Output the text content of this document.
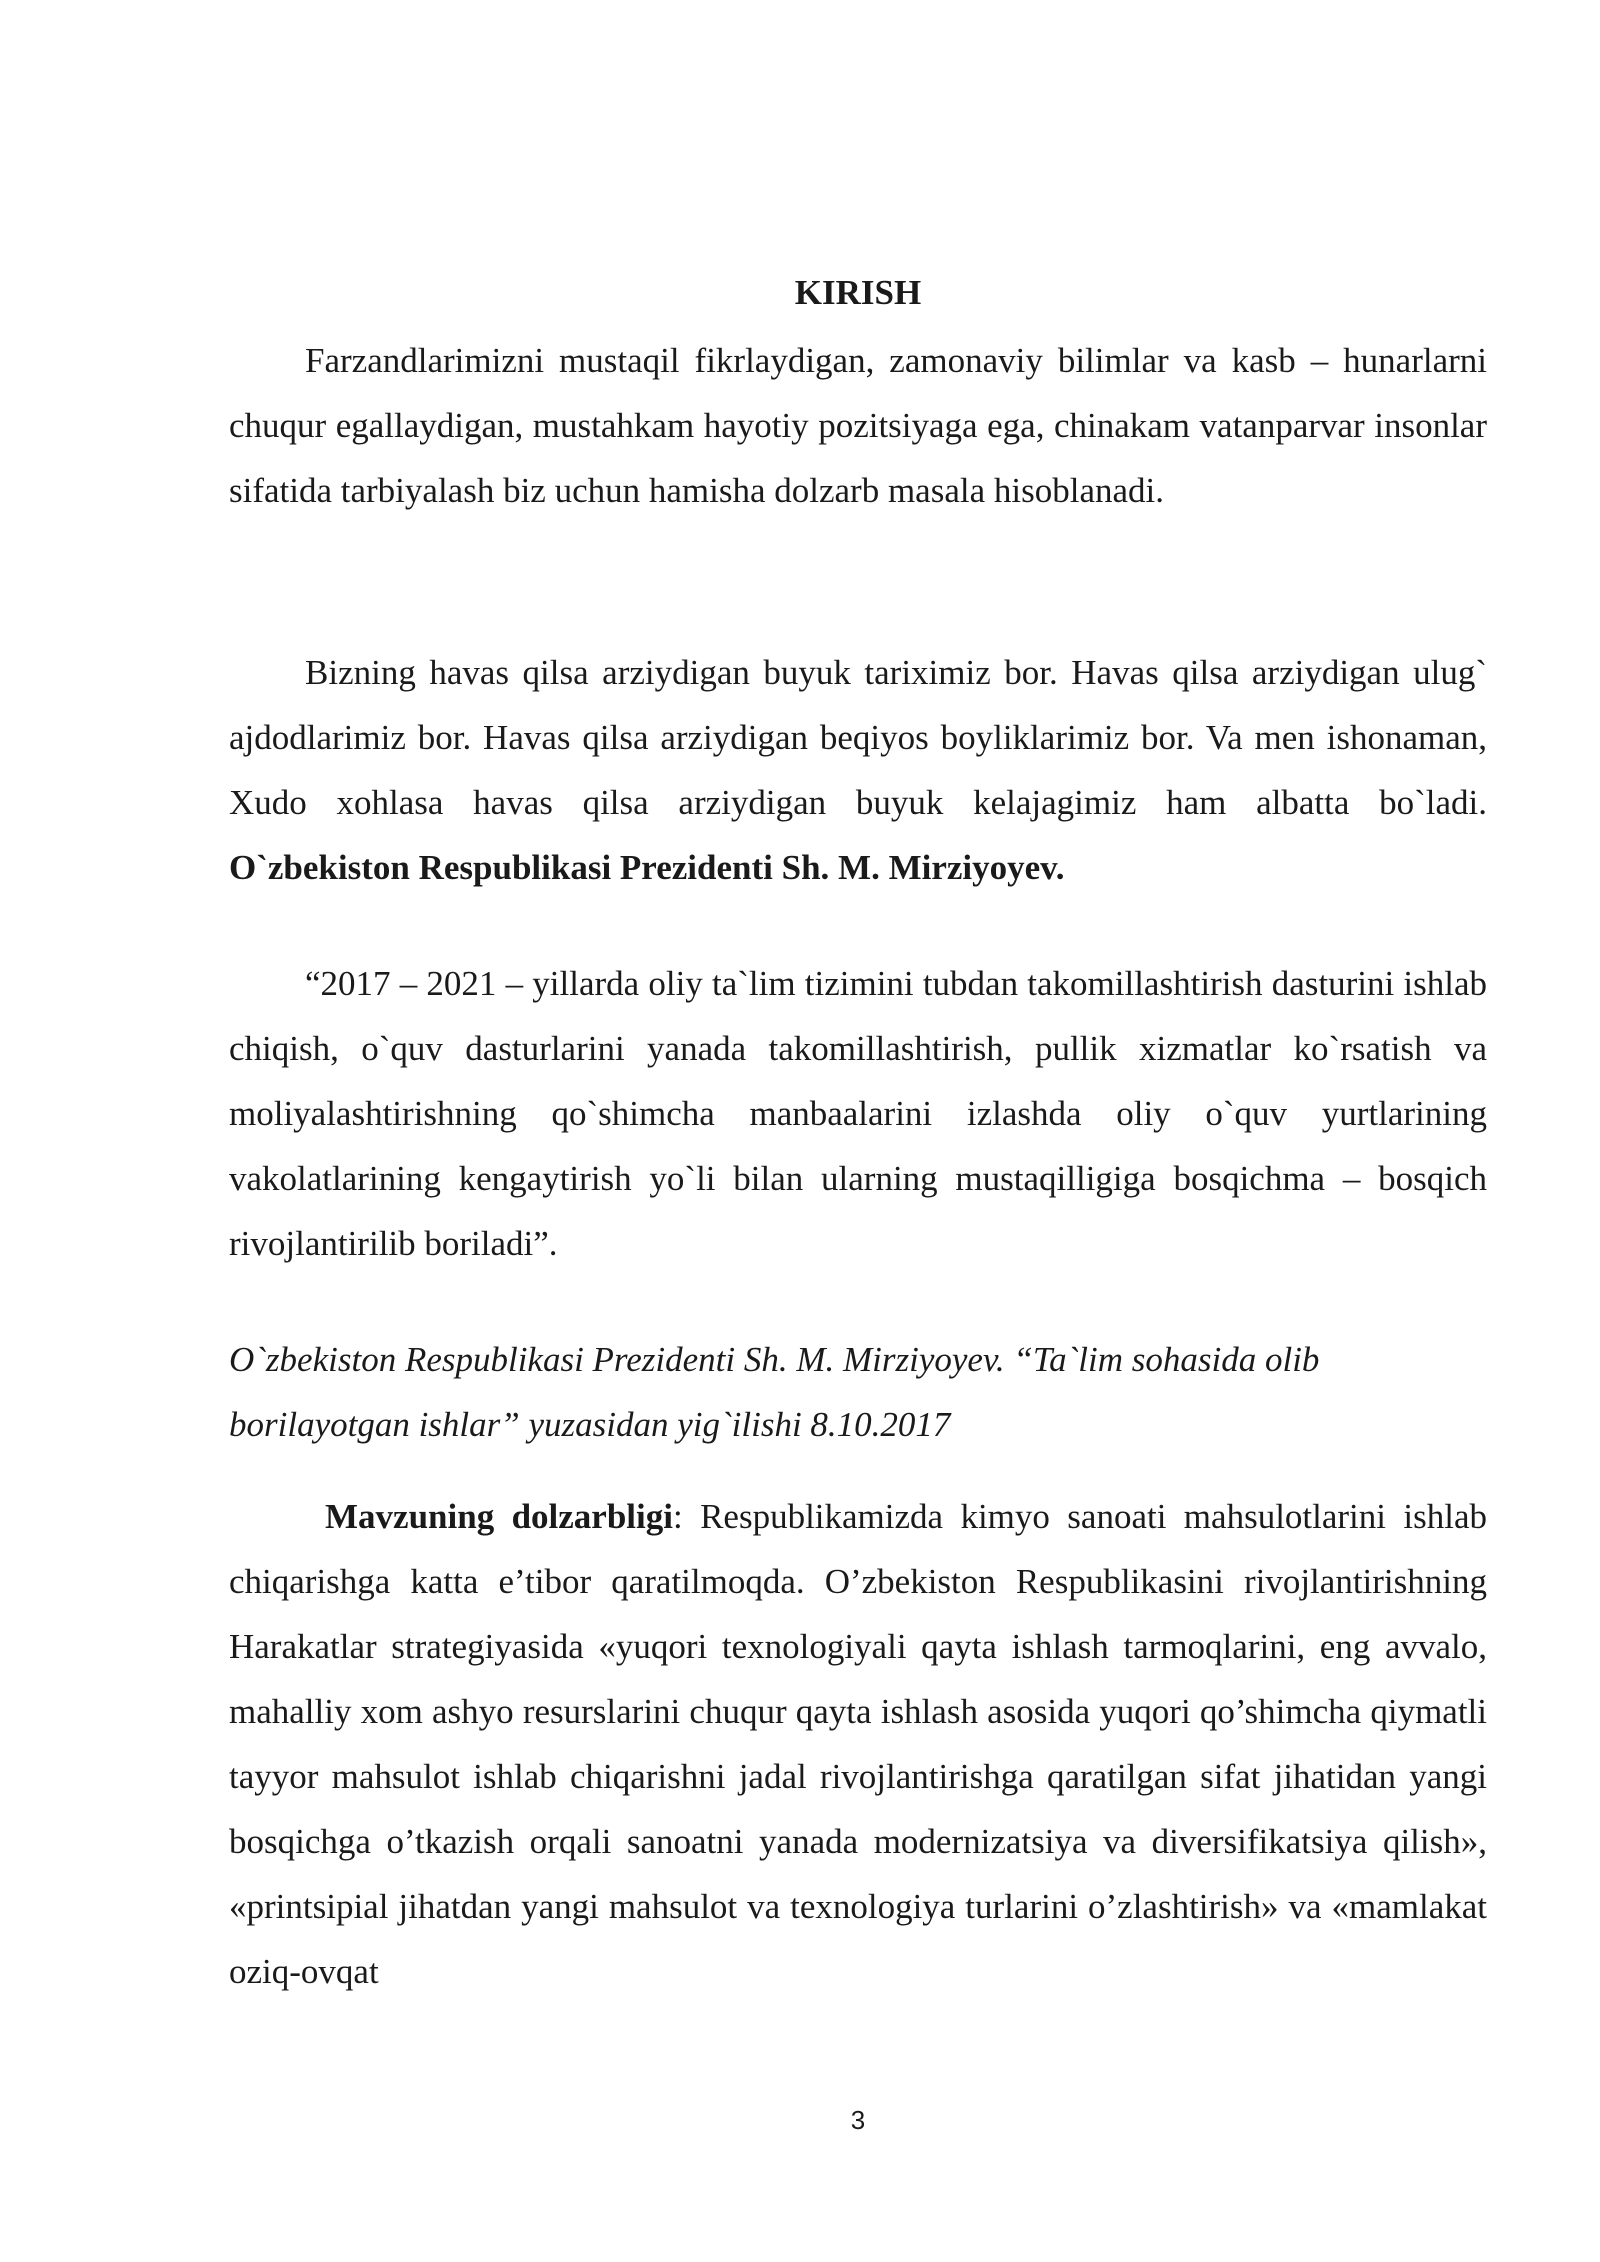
KIRISH
Farzandlarimizni mustaqil fikrlaydigan, zamonaviy bilimlar va kasb – hunarlarni chuqur egallaydigan, mustahkam hayotiy pozitsiyaga ega, chinakam vatanparvar insonlar sifatida tarbiyalash biz uchun hamisha dolzarb masala hisoblanadi.
Bizning havas qilsa arziydigan buyuk tariximiz bor. Havas qilsa arziydigan ulug` ajdodlarimiz bor. Havas qilsa arziydigan beqiyos boyliklarimiz bor. Va men ishonaman, Xudo xohlasa havas qilsa arziydigan buyuk kelajagimiz ham albatta bo`ladi. O`zbekiston Respublikasi Prezidenti Sh. M. Mirziyoyev.
“2017 – 2021 – yillarda oliy ta`lim tizimini tubdan takomillashtirish dasturini ishlab chiqish, o`quv dasturlarini yanada takomillashtirish, pullik xizmatlar ko`rsatish va moliyalashtirishning qo`shimcha manbaalarini izlashda oliy o`quv yurtlarining vakolatlarining kengaytirish yo`li bilan ularning mustaqilligiga bosqichma – bosqich rivojlantirilib boriladi”.
O`zbekiston Respublikasi Prezidenti Sh. M. Mirziyoyev. “Ta`lim sohasida olib
borilayotgan ishlar” yuzasidan yig`ilishi 8.10.2017
Mavzuning dolzarbligi: Respublikamizda kimyo sanoati mahsulotlarini ishlab chiqarishga katta e’tibor qaratilmoqda. O’zbekiston Respublikasini rivojlantirishning Harakatlar strategiyasida «yuqori texnologiyali qayta ishlash tarmoqlarini, eng avvalo, mahalliy xom ashyo resurslarini chuqur qayta ishlash asosida yuqori qo’shimcha qiymatli tayyor mahsulot ishlab chiqarishni jadal rivojlantirishga qaratilgan sifat jihatidan yangi bosqichga o’tkazish orqali sanoatni yanada modernizatsiya va diversifikatsiya qilish», «printsipial jihatdan yangi mahsulot va texnologiya turlarini o’zlashtirish» va «mamlakat oziq-ovqat
3
